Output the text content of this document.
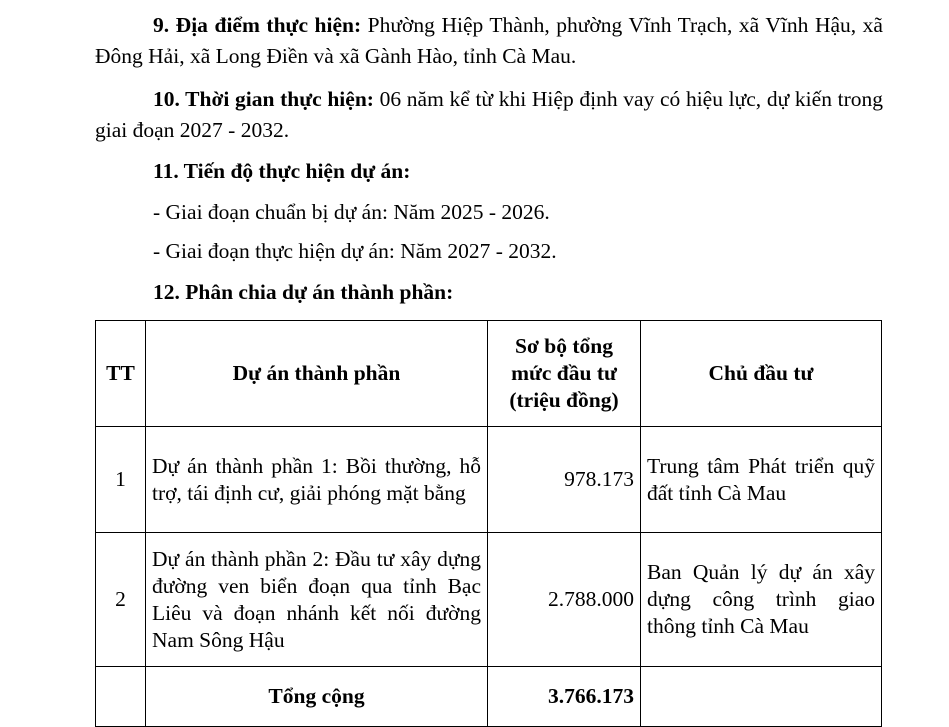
9. Địa điểm thực hiện: Phường Hiệp Thành, phường Vĩnh Trạch, xã Vĩnh Hậu, xã Đông Hải, xã Long Điền và xã Gành Hào, tỉnh Cà Mau.
10. Thời gian thực hiện: 06 năm kể từ khi Hiệp định vay có hiệu lực, dự kiến trong giai đoạn 2027 - 2032.
11. Tiến độ thực hiện dự án:
- Giai đoạn chuẩn bị dự án: Năm 2025 - 2026.
- Giai đoạn thực hiện dự án: Năm 2027 - 2032.
12. Phân chia dự án thành phần:
TT	Dự án thành phần	Sơ bộ tổng mức đầu tư (triệu đồng)	Chủ đầu tư
1	Dự án thành phần 1: Bồi thường, hỗ trợ, tái định cư, giải phóng mặt bằng	978.173	Trung tâm Phát triển quỹ đất tỉnh Cà Mau
2	Dự án thành phần 2: Đầu tư xây dựng đường ven biển đoạn qua tỉnh Bạc Liêu và đoạn nhánh kết nối đường Nam Sông Hậu	2.788.000	Ban Quản lý dự án xây dựng công trình giao thông tỉnh Cà Mau
	Tổng cộng	3.766.173	
